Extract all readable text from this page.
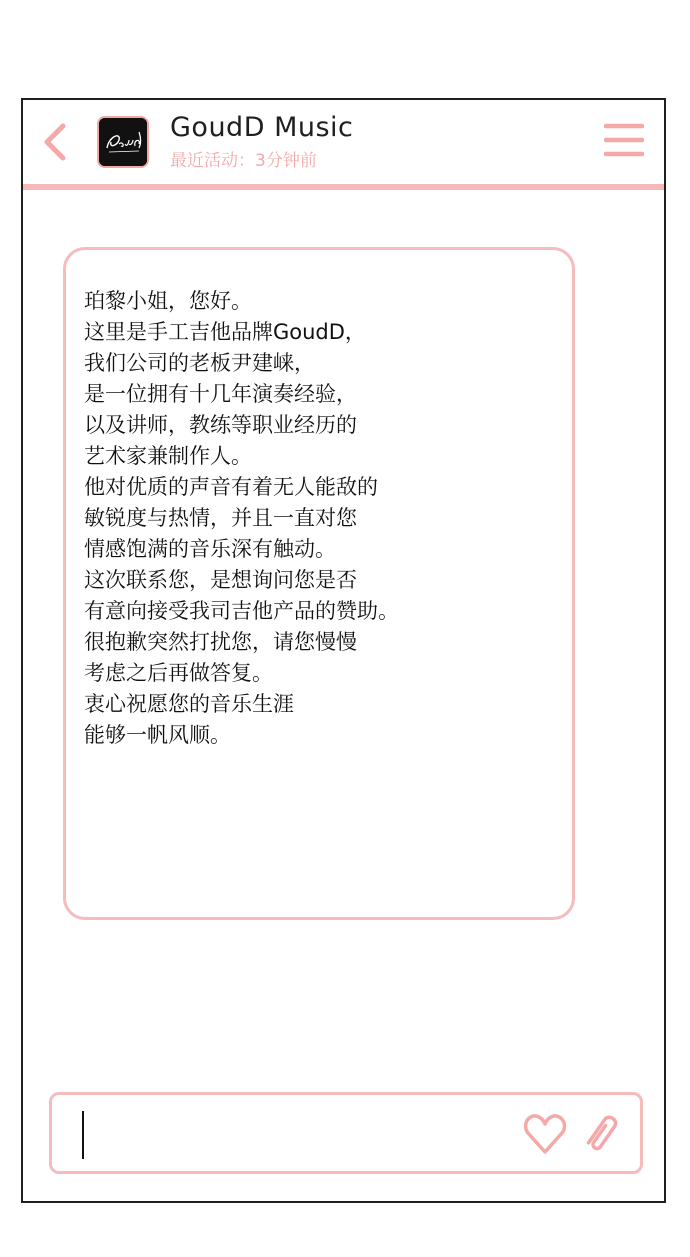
GoudD Music
最近活动：3分钟前
珀黎小姐，您好。
这里是手工吉他品牌GoudD，
我们公司的老板尹建崃，
是一位拥有十几年演奏经验，
以及讲师，教练等职业经历的
艺术家兼制作人。
他对优质的声音有着无人能敌的
敏锐度与热情，并且一直对您
情感饱满的音乐深有触动。
这次联系您，是想询问您是否
有意向接受我司吉他产品的赞助。
很抱歉突然打扰您，请您慢慢
考虑之后再做答复。
衷心祝愿您的音乐生涯
能够一帆风顺。
